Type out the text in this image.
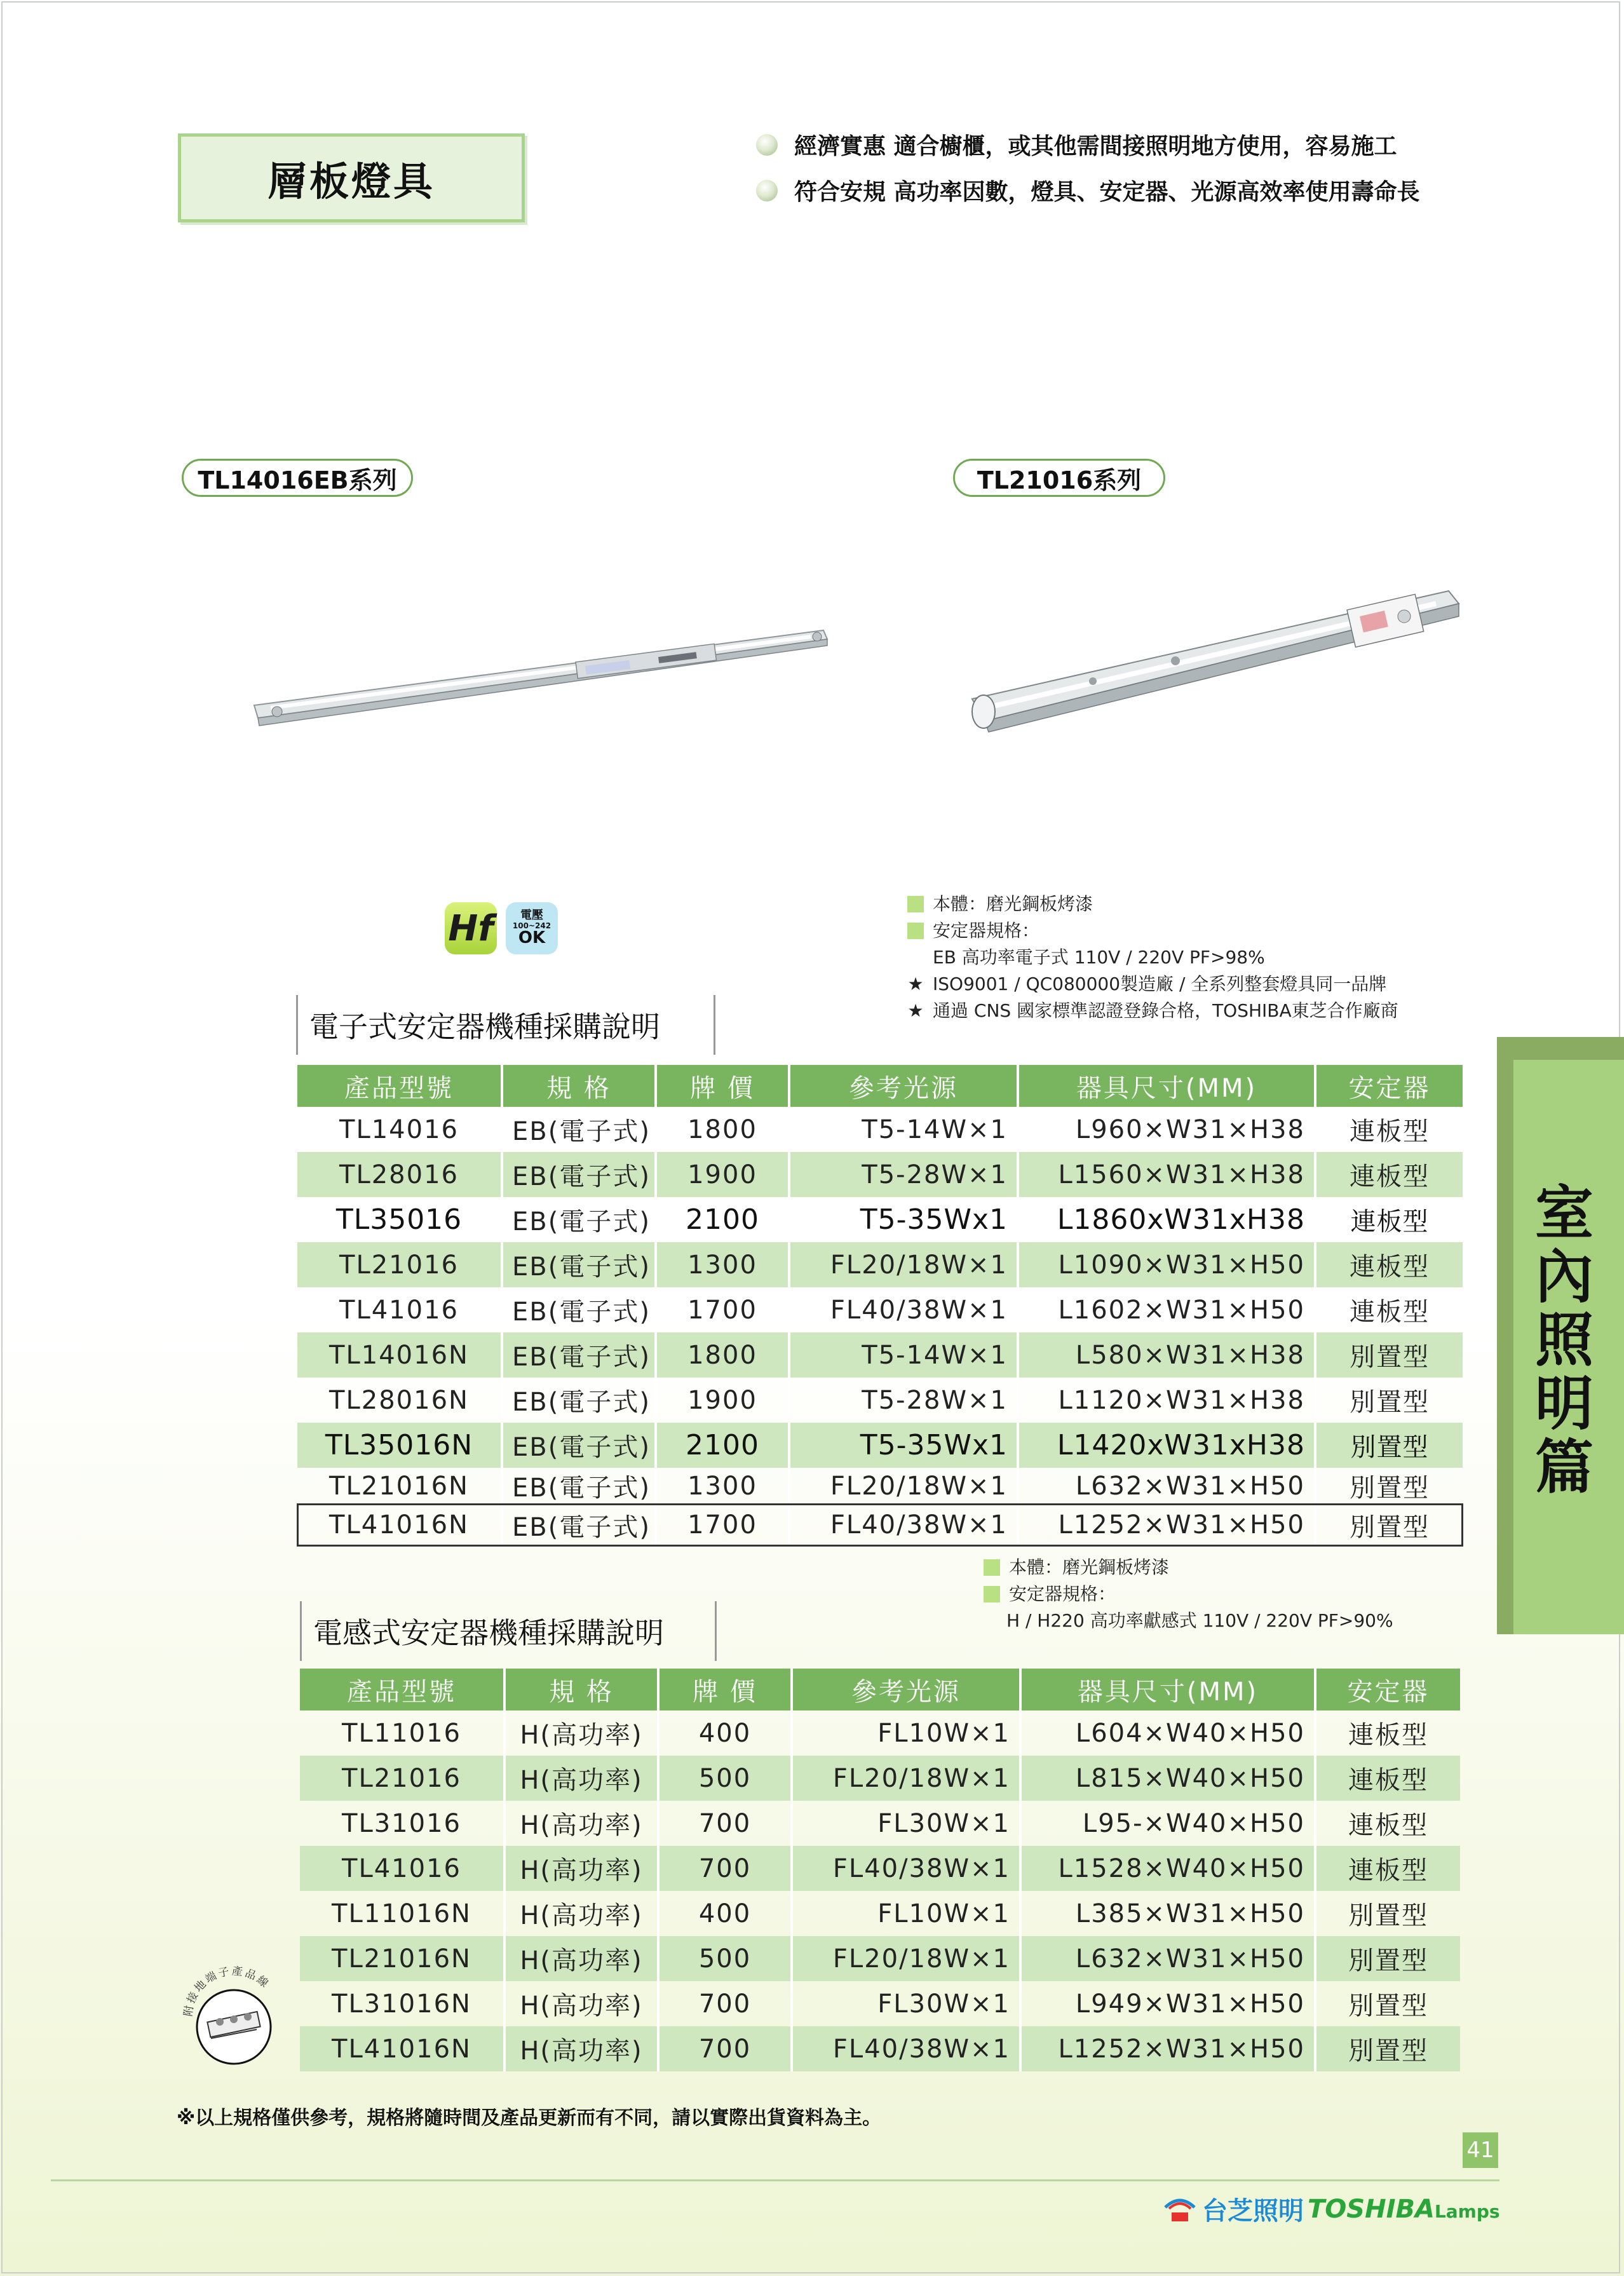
層板燈具
經濟實惠 適合櫥櫃，或其他需間接照明地方使用，容易施工
符合安規 高功率因數，燈具、安定器、光源高效率使用壽命長
TL14016EB系列	TL21016系列
Hf 電壓
100~242
OK
本體：磨光鋼板烤漆
安定器規格：
EB 高功率電子式 110V / 220V PF>98%
★ ISO9001 / QC080000製造廠 / 全系列整套燈具同一品牌
★ 通過 CNS 國家標準認證登錄合格，TOSHIBA東芝合作廠商
電子式安定器機種採購說明
產品型號	規 格	牌 價	參考光源	器具尺寸(MM)	安定器
TL14016	EB(電子式)	1800	T5-14W×1	L960×W31×H38	連板型
TL28016	EB(電子式)	1900	T5-28W×1	L1560×W31×H38	連板型
TL35016	EB(電子式)	2100	T5-35Wx1	L1860xW31xH38	連板型
TL21016	EB(電子式)	1300	FL20/18W×1	L1090×W31×H50	連板型
TL41016	EB(電子式)	1700	FL40/38W×1	L1602×W31×H50	連板型
TL14016N	EB(電子式)	1800	T5-14W×1	L580×W31×H38	別置型
TL28016N	EB(電子式)	1900	T5-28W×1	L1120×W31×H38	別置型
TL35016N	EB(電子式)	2100	T5-35Wx1	L1420xW31xH38	別置型
TL21016N	EB(電子式)	1300	FL20/18W×1	L632×W31×H50	別置型
TL41016N	EB(電子式)	1700	FL40/38W×1	L1252×W31×H50	別置型
本體：磨光鋼板烤漆
安定器規格：
H / H220 高功率獻感式 110V / 220V PF>90%
電感式安定器機種採購說明
產品型號	規 格	牌 價	參考光源	器具尺寸(MM)	安定器
TL11016	H(高功率)	400	FL10W×1	L604×W40×H50	連板型
TL21016	H(高功率)	500	FL20/18W×1	L815×W40×H50	連板型
TL31016	H(高功率)	700	FL30W×1	L95-×W40×H50	連板型
TL41016	H(高功率)	700	FL40/38W×1	L1528×W40×H50	連板型
TL11016N	H(高功率)	400	FL10W×1	L385×W31×H50	別置型
TL21016N	H(高功率)	500	FL20/18W×1	L632×W31×H50	別置型
TL31016N	H(高功率)	700	FL30W×1	L949×W31×H50	別置型
TL41016N	H(高功率)	700	FL40/38W×1	L1252×W31×H50	別置型
室內照明篇
附接地端子產品線
※以上規格僅供參考，規格將隨時間及產品更新而有不同，請以實際出貨資料為主。
41
台芝照明 TOSHIBA Lamps
